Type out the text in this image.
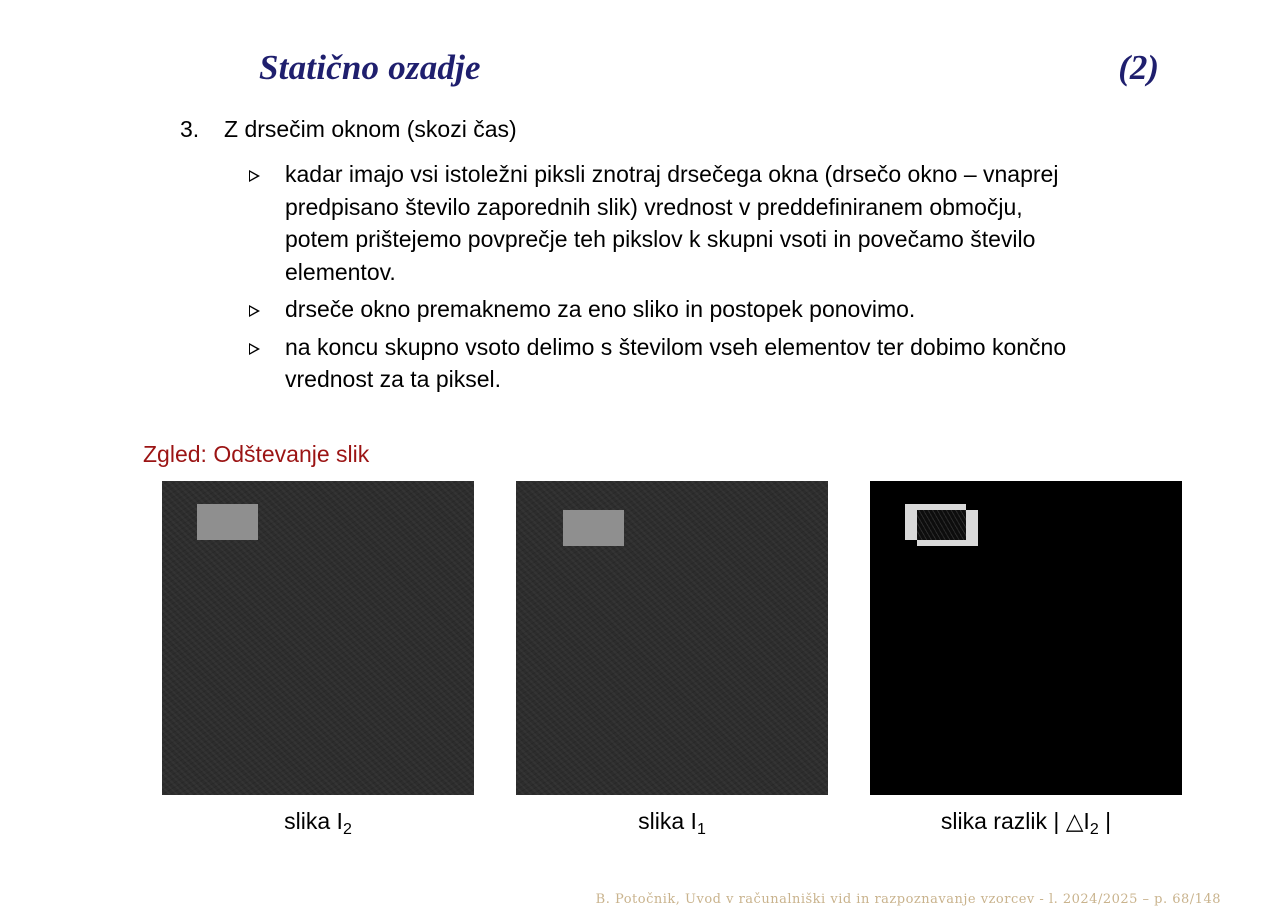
Statično ozadje	(2)
3. Z drsečim oknom (skozi čas)
kadar imajo vsi istoležni piksli znotraj drsečega okna (drsečo okno – vnaprej predpisano število zaporednih slik) vrednost v preddefiniranem območju, potem prištejemo povprečje teh pikslov k skupni vsoti in povečamo število elementov.
drseče okno premaknemo za eno sliko in postopek ponovimo.
na koncu skupno vsoto delimo s številom vseh elementov ter dobimo končno vrednost za ta piksel.
Zgled: Odštevanje slik
slika $I_2$	slika $I_1$	slika razlik | $\triangle I_2$ |
B. Potočnik, Uvod v računalniški vid in razpoznavanje vzorcev - l. 2024/2025 – p. 68/148
